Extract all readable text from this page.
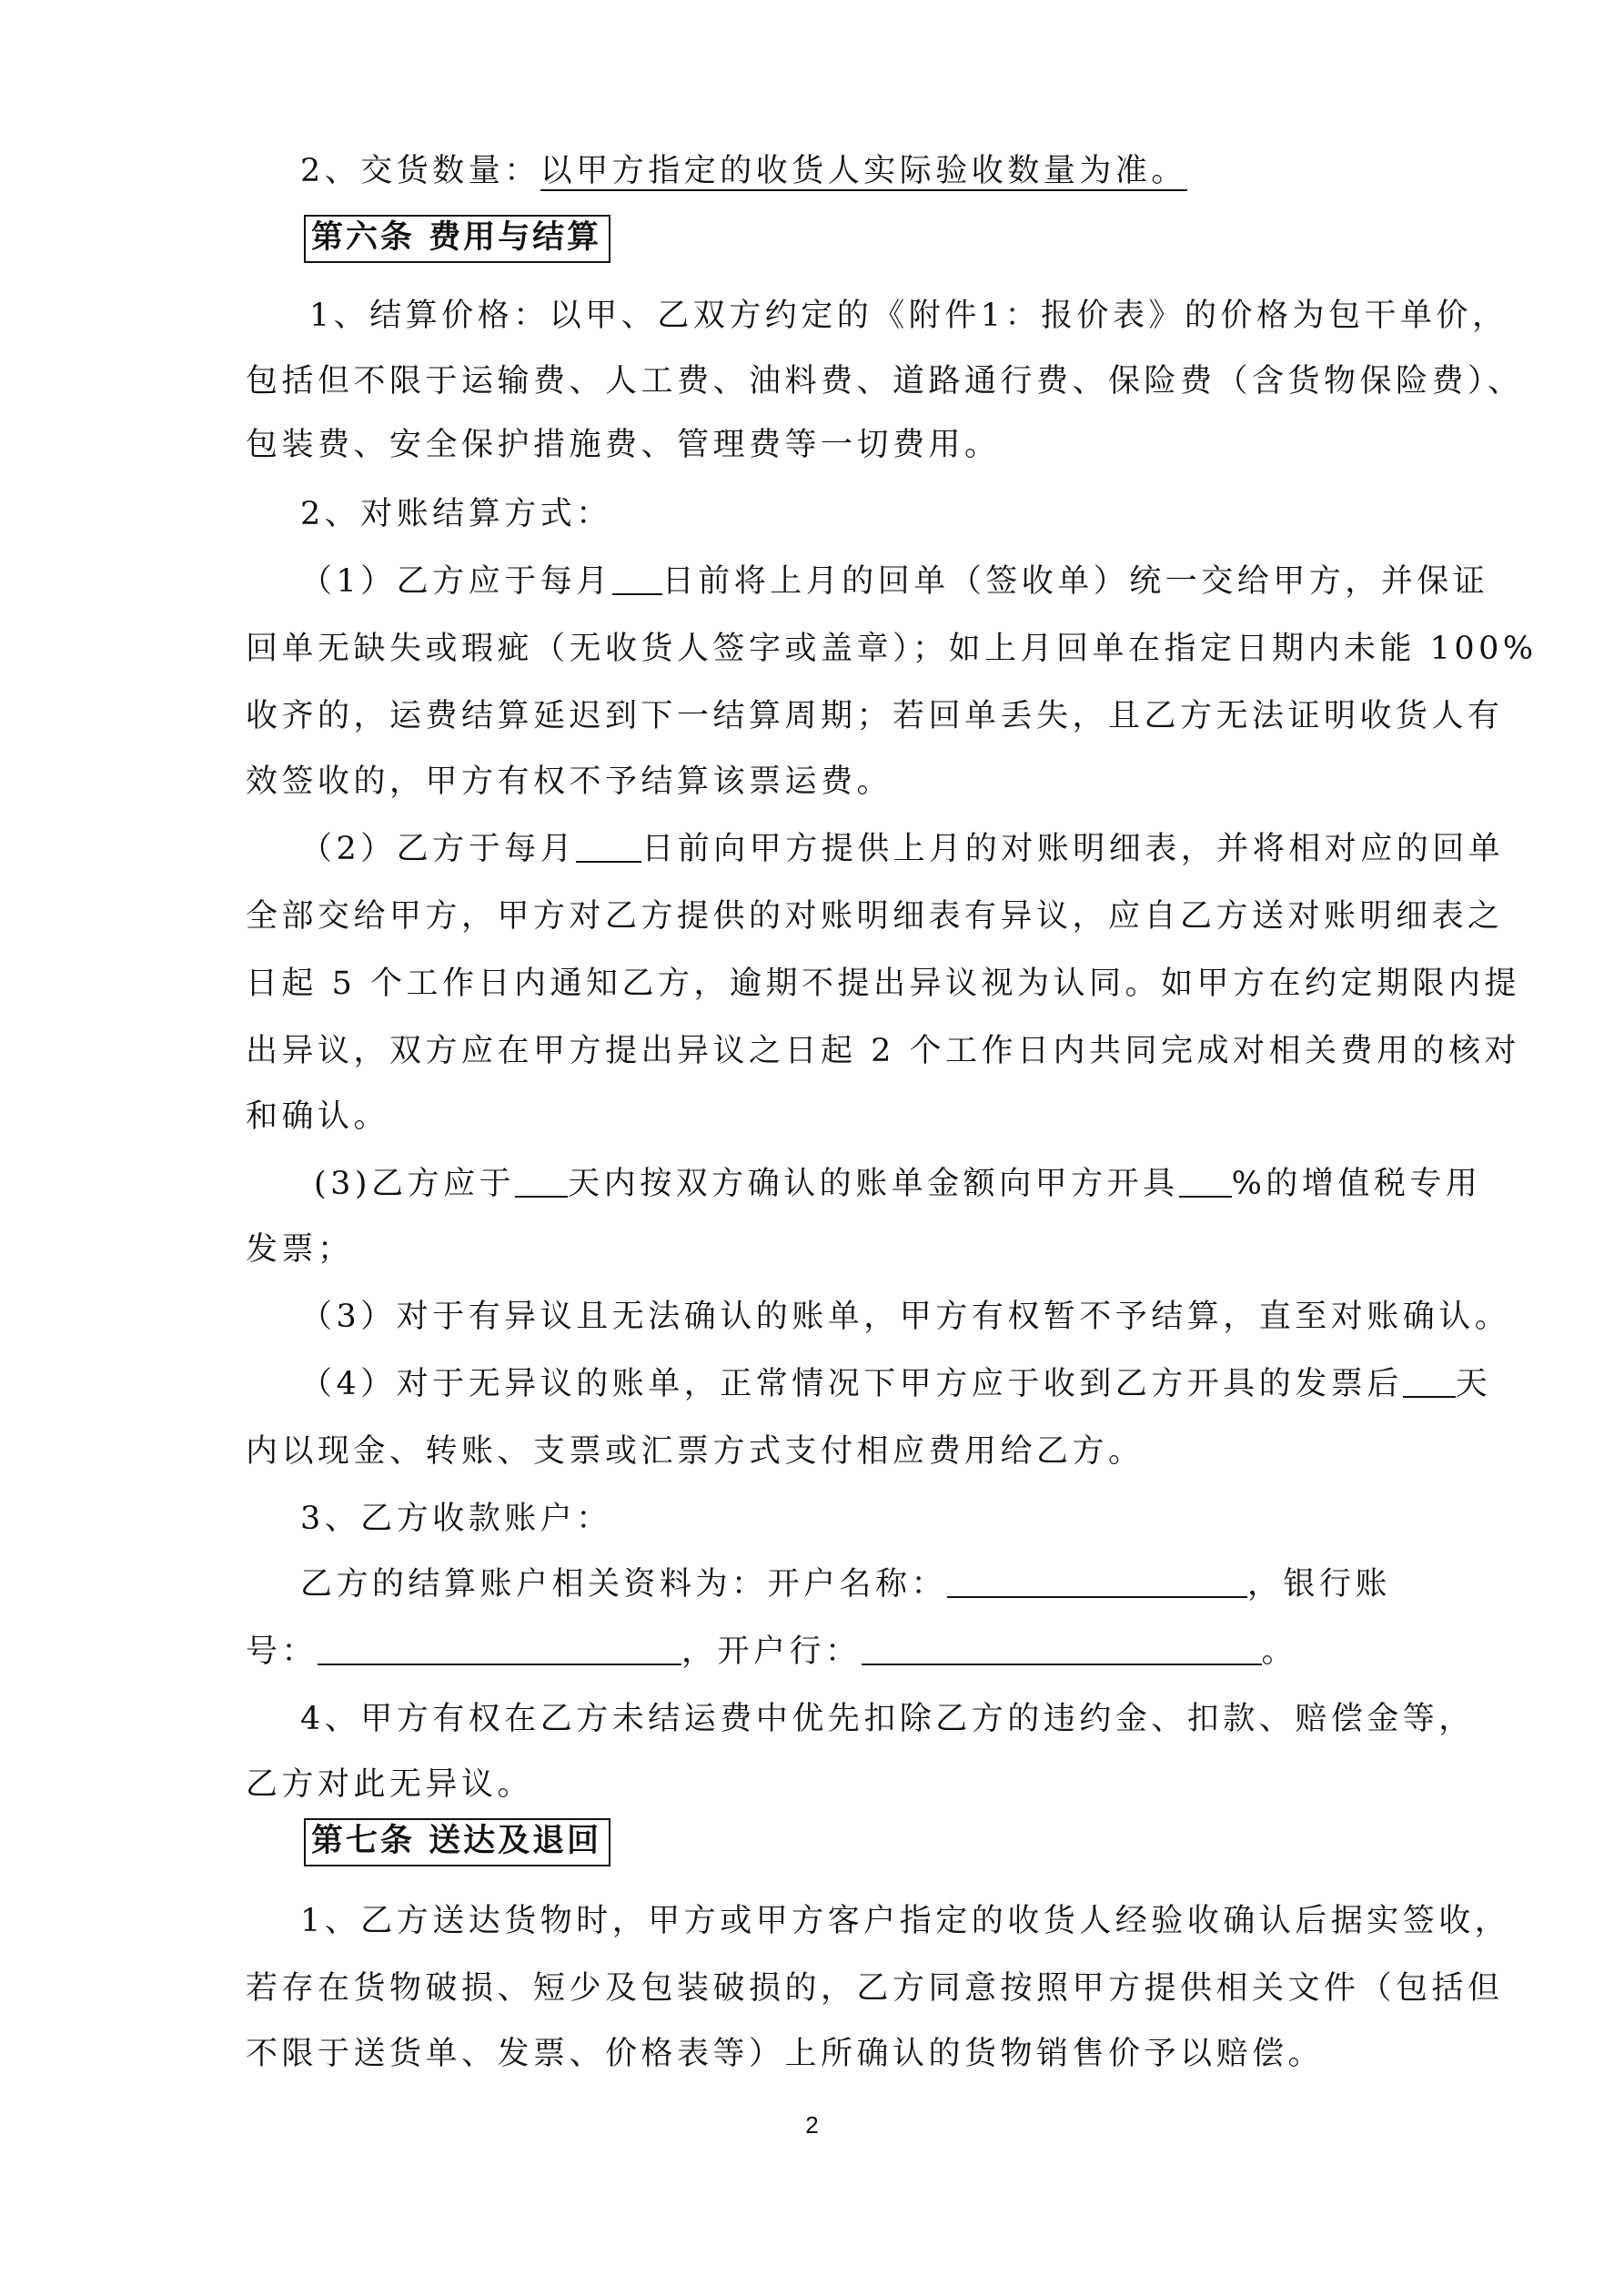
2、交货数量：以甲方指定的收货人实际验收数量为准。
第六条 费用与结算
1、结算价格：以甲、乙双方约定的《附件1：报价表》的价格为包干单价，
包括但不限于运输费、人工费、油料费、道路通行费、保险费（含货物保险费）、
包装费、安全保护措施费、管理费等一切费用。
2、对账结算方式：
（1）乙方应于每月 日前将上月的回单（签收单）统一交给甲方，并保证
回单无缺失或瑕疵（无收货人签字或盖章）；如上月回单在指定日期内未能 100%
收齐的，运费结算延迟到下一结算周期；若回单丢失，且乙方无法证明收货人有
效签收的，甲方有权不予结算该票运费。
（2）乙方于每月 日前向甲方提供上月的对账明细表，并将相对应的回单
全部交给甲方，甲方对乙方提供的对账明细表有异议，应自乙方送对账明细表之
日起 5 个工作日内通知乙方，逾期不提出异议视为认同。如甲方在约定期限内提
出异议，双方应在甲方提出异议之日起 2 个工作日内共同完成对相关费用的核对
和确认。
(3)乙方应于 天内按双方确认的账单金额向甲方开具 %的增值税专用
发票；
（3）对于有异议且无法确认的账单，甲方有权暂不予结算，直至对账确认。
（4）对于无异议的账单，正常情况下甲方应于收到乙方开具的发票后 天
内以现金、转账、支票或汇票方式支付相应费用给乙方。
3、乙方收款账户：
乙方的结算账户相关资料为：开户名称：	，银行账
号：	，开户行：	。
4、甲方有权在乙方未结运费中优先扣除乙方的违约金、扣款、赔偿金等，
乙方对此无异议。
第七条 送达及退回
1、乙方送达货物时，甲方或甲方客户指定的收货人经验收确认后据实签收，
若存在货物破损、短少及包装破损的，乙方同意按照甲方提供相关文件（包括但
不限于送货单、发票、价格表等）上所确认的货物销售价予以赔偿。
2
